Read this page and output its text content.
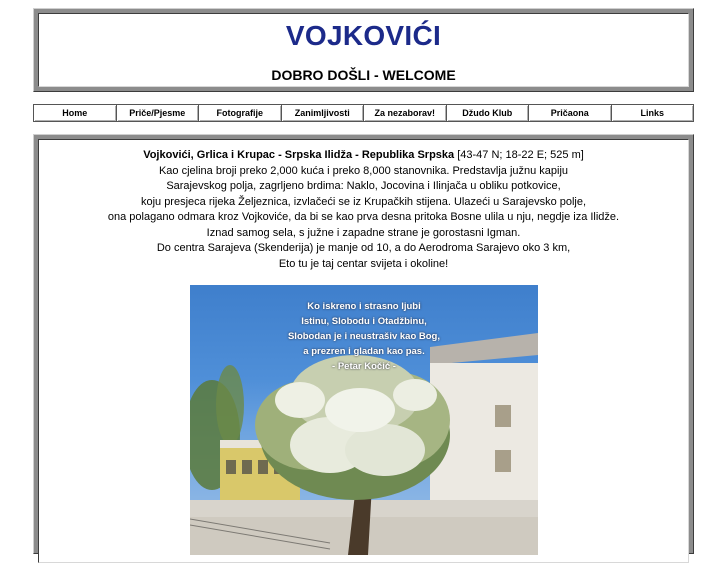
VOJKOVIĆI
DOBRO DOŠLI - WELCOME
Home	Priče/Pjesme	Fotografije	Zanimljivosti	Za nezaborav!	Džudo Klub	Pričaona	Links
Vojkovići, Grlica i Krupac - Srpska Ilidža - Republika Srpska [43-47 N; 18-22 E; 525 m]
Kao cjelina broji preko 2,000 kuća i preko 8,000 stanovnika. Predstavlja južnu kapiju
Sarajevskog polja, zagrljeno brdima: Naklo, Jocovina i Ilinjača u obliku potkovice,
koju presjeca rijeka Željeznica, izvlačeći se iz Krupačkih stijena. Ulazeći u Sarajevsko polje,
ona polagano odmara kroz Vojkoviće, da bi se kao prva desna pritoka Bosne ulila u nju, negdje iza Ilidže.
Iznad samog sela, s južne i zapadne strane je gorostasni Igman.
Do centra Sarajeva (Skenderija) je manje od 10, a do Aerodroma Sarajevo oko 3 km,
Eto tu je taj centar svijeta i okoline!
Ko iskreno i strasno ljubi
Istinu, Slobodu i Otadžbinu,
Slobodan je i neustrašiv kao Bog,
a prezren i gladan kao pas.
- Petar Kočić -
